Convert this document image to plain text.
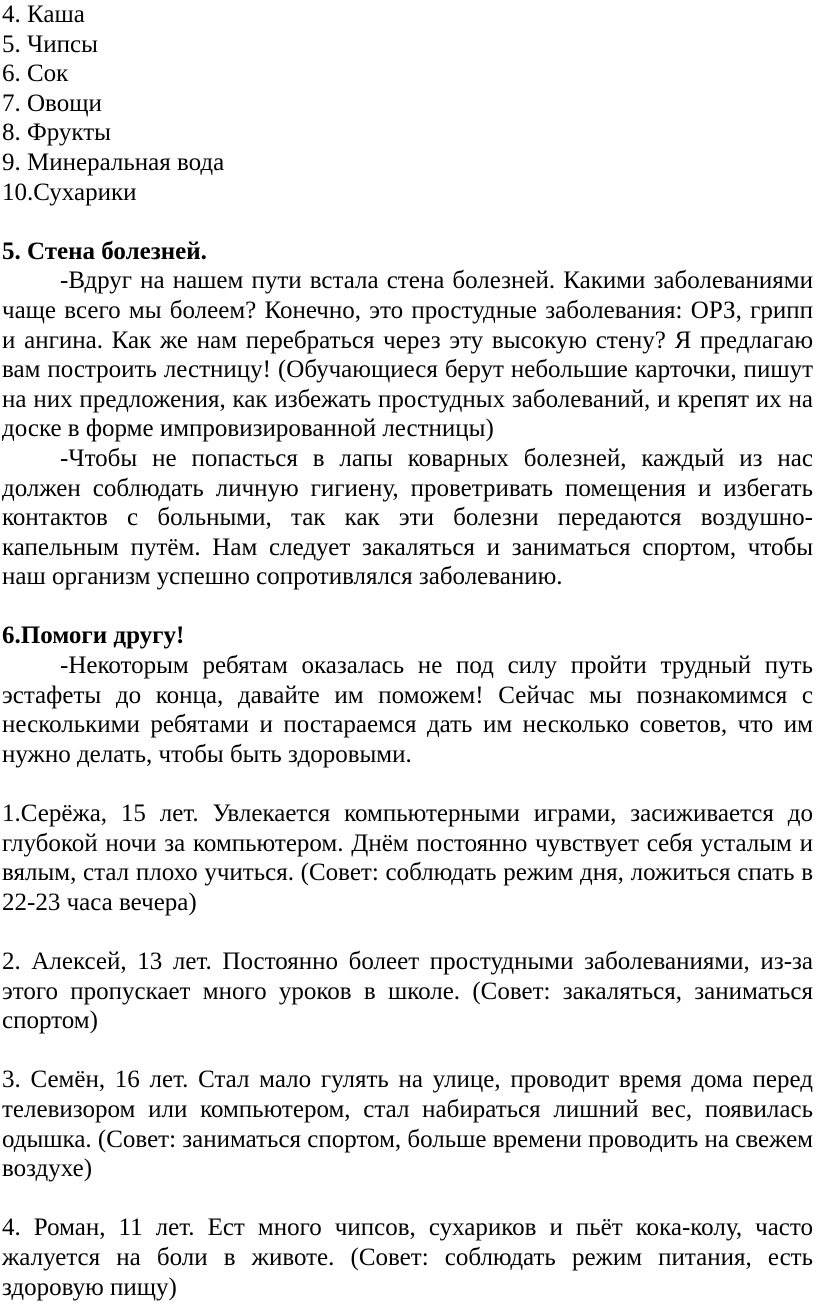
4. Каша
5. Чипсы
6. Сок
7. Овощи
8. Фрукты
9. Минеральная вода
10.Сухарики

5. Стена болезней.

-Вдруг на нашем пути встала стена болезней. Какими заболеваниями чаще всего мы болеем? Конечно, это простудные заболевания: ОРЗ, грипп и ангина. Как же нам перебраться через эту высокую стену? Я предлагаю вам построить лестницу! (Обучающиеся берут небольшие карточки, пишут на них предложения, как избежать простудных заболеваний, и крепят их на доске в форме импровизированной лестницы)

-Чтобы не попасться в лапы коварных болезней, каждый из нас должен соблюдать личную гигиену, проветривать помещения и избегать контактов с больными, так как эти болезни передаются воздушно-капельным путём. Нам следует закаляться и заниматься спортом, чтобы наш организм успешно сопротивлялся заболеванию.

6.Помоги другу!

-Некоторым ребятам оказалась не под силу пройти трудный путь эстафеты до конца, давайте им поможем! Сейчас мы познакомимся с несколькими ребятами и постараемся дать им несколько советов, что им нужно делать, чтобы быть здоровыми.

1.Серёжа, 15 лет. Увлекается компьютерными играми, засиживается до глубокой ночи за компьютером. Днём постоянно чувствует себя усталым и вялым, стал плохо учиться. (Совет: соблюдать режим дня, ложиться спать в 22-23 часа вечера)

2. Алексей, 13 лет. Постоянно болеет простудными заболеваниями, из-за этого пропускает много уроков в школе. (Совет: закаляться, заниматься спортом)

3. Семён, 16 лет. Стал мало гулять на улице, проводит время дома перед телевизором или компьютером, стал набираться лишний вес, появилась одышка. (Совет: заниматься спортом, больше времени проводить на свежем воздухе)

4. Роман, 11 лет. Ест много чипсов, сухариков и пьёт кока-колу, часто жалуется на боли в животе. (Совет: соблюдать режим питания, есть здоровую пищу)
